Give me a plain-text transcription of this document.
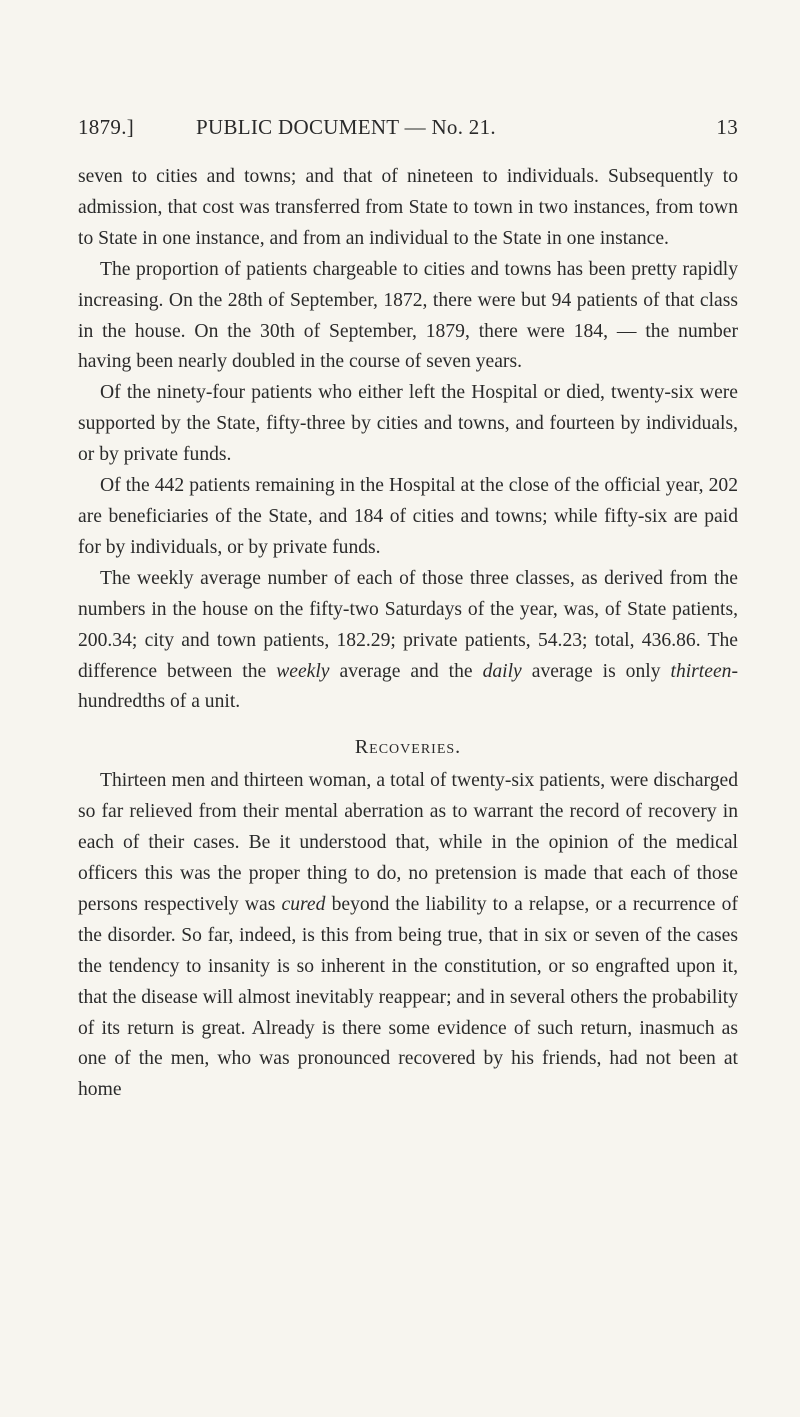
1879.]	PUBLIC DOCUMENT — No. 21.	13

seven to cities and towns; and that of nineteen to individuals. Subsequently to admission, that cost was transferred from State to town in two instances, from town to State in one instance, and from an individual to the State in one instance.

The proportion of patients chargeable to cities and towns has been pretty rapidly increasing. On the 28th of September, 1872, there were but 94 patients of that class in the house. On the 30th of September, 1879, there were 184, — the number having been nearly doubled in the course of seven years.

Of the ninety-four patients who either left the Hospital or died, twenty-six were supported by the State, fifty-three by cities and towns, and fourteen by individuals, or by private funds.

Of the 442 patients remaining in the Hospital at the close of the official year, 202 are beneficiaries of the State, and 184 of cities and towns; while fifty-six are paid for by individuals, or by private funds.

The weekly average number of each of those three classes, as derived from the numbers in the house on the fifty-two Saturdays of the year, was, of State patients, 200.34; city and town patients, 182.29; private patients, 54.23; total, 436.86. The difference between the weekly average and the daily average is only thirteen-hundredths of a unit.

Recoveries.

Thirteen men and thirteen woman, a total of twenty-six patients, were discharged so far relieved from their mental aberration as to warrant the record of recovery in each of their cases. Be it understood that, while in the opinion of the medical officers this was the proper thing to do, no pretension is made that each of those persons respectively was cured beyond the liability to a relapse, or a recurrence of the disorder. So far, indeed, is this from being true, that in six or seven of the cases the tendency to insanity is so inherent in the constitution, or so engrafted upon it, that the disease will almost inevitably reappear; and in several others the probability of its return is great. Already is there some evidence of such return, inasmuch as one of the men, who was pronounced recovered by his friends, had not been at home
